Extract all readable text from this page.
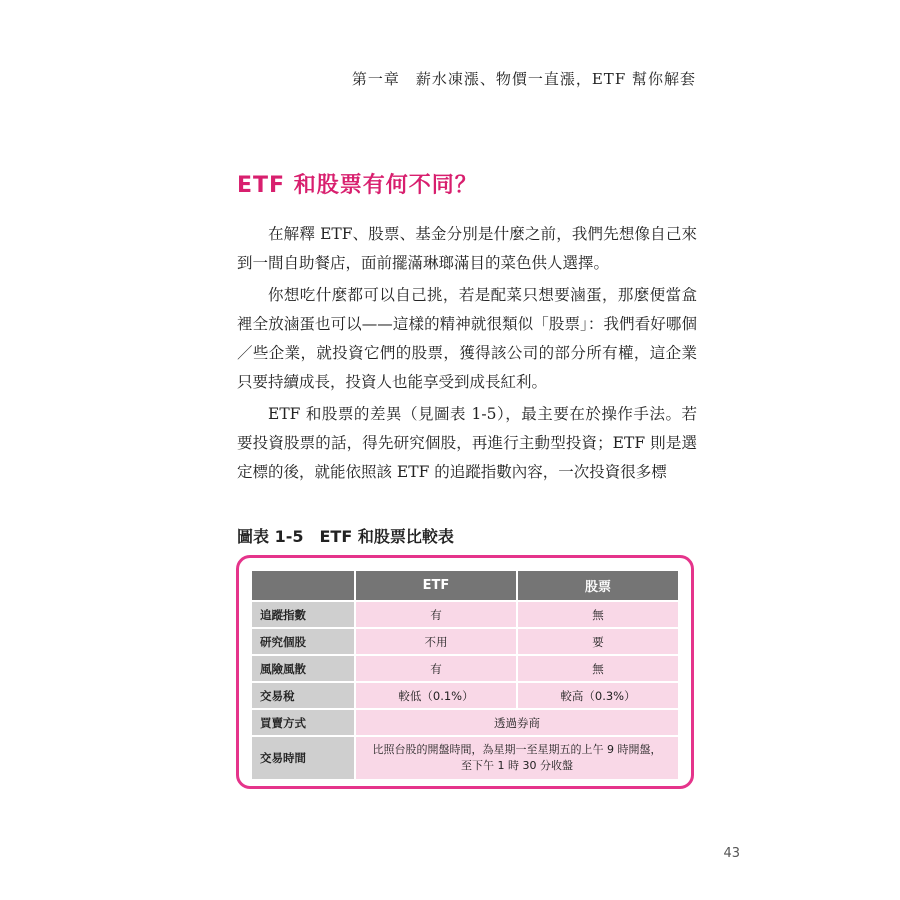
第一章　薪水凍漲、物價一直漲，ETF 幫你解套
ETF 和股票有何不同？

在解釋 ETF、股票、基金分別是什麼之前，我們先想像自己來到一間自助餐店，面前擺滿琳瑯滿目的菜色供人選擇。

你想吃什麼都可以自己挑，若是配菜只想要滷蛋，那麼便當盒裡全放滷蛋也可以——這樣的精神就很類似「股票」：我們看好哪個／些企業，就投資它們的股票，獲得該公司的部分所有權，這企業只要持續成長，投資人也能享受到成長紅利。

ETF 和股票的差異（見圖表 1-5），最主要在於操作手法。若要投資股票的話，得先研究個股，再進行主動型投資；ETF 則是選定標的後，就能依照該 ETF 的追蹤指數內容，一次投資很多標

圖表 1-5 ETF 和股票比較表
	ETF	股票
追蹤指數	有	無
研究個股	不用	要
風險風散	有	無
交易稅	較低（0.1%）	較高（0.3%）
買賣方式	透過券商	
交易時間	比照台股的開盤時間，為星期一至星期五的上午 9 時開盤，
至下午 1 時 30 分收盤	
43
